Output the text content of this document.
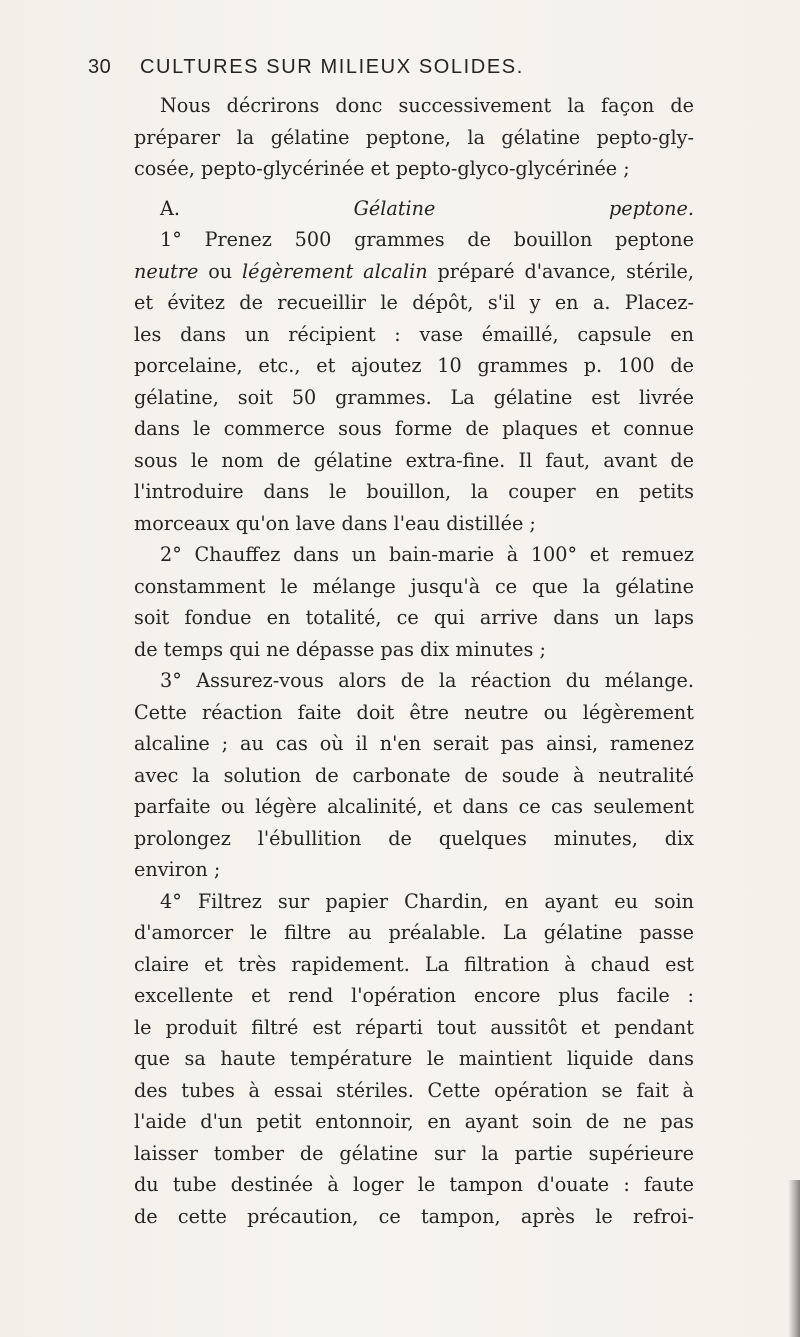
30 CULTURES SUR MILIEUX SOLIDES.
Nous décrirons donc successivement la façon de
préparer la gélatine peptone, la gélatine pepto-gly-
cosée, pepto-glycérinée et pepto-glyco-glycérinée ;
A.	Gélatine peptone.
1° Prenez 500 grammes de bouillon peptone
neutre ou légèrement alcalin préparé d'avance, stérile,
et évitez de recueillir le dépôt, s'il y en a. Placez-
les dans un récipient : vase émaillé, capsule en
porcelaine, etc., et ajoutez 10 grammes p. 100 de
gélatine, soit 50 grammes. La gélatine est livrée
dans le commerce sous forme de plaques et connue
sous le nom de gélatine extra-fine. Il faut, avant de
l'introduire dans le bouillon, la couper en petits
morceaux qu'on lave dans l'eau distillée ;
2° Chauffez dans un bain-marie à 100° et remuez
constamment le mélange jusqu'à ce que la gélatine
soit fondue en totalité, ce qui arrive dans un laps
de temps qui ne dépasse pas dix minutes ;
3° Assurez-vous alors de la réaction du mélange.
Cette réaction faite doit être neutre ou légèrement
alcaline ; au cas où il n'en serait pas ainsi, ramenez
avec la solution de carbonate de soude à neutralité
parfaite ou légère alcalinité, et dans ce cas seulement
prolongez l'ébullition de quelques minutes, dix
environ ;
4° Filtrez sur papier Chardin, en ayant eu soin
d'amorcer le filtre au préalable. La gélatine passe
claire et très rapidement. La filtration à chaud est
excellente et rend l'opération encore plus facile :
le produit filtré est réparti tout aussitôt et pendant
que sa haute température le maintient liquide dans
des tubes à essai stériles. Cette opération se fait à
l'aide d'un petit entonnoir, en ayant soin de ne pas
laisser tomber de gélatine sur la partie supérieure
du tube destinée à loger le tampon d'ouate : faute
de cette précaution, ce tampon, après le refroi-
